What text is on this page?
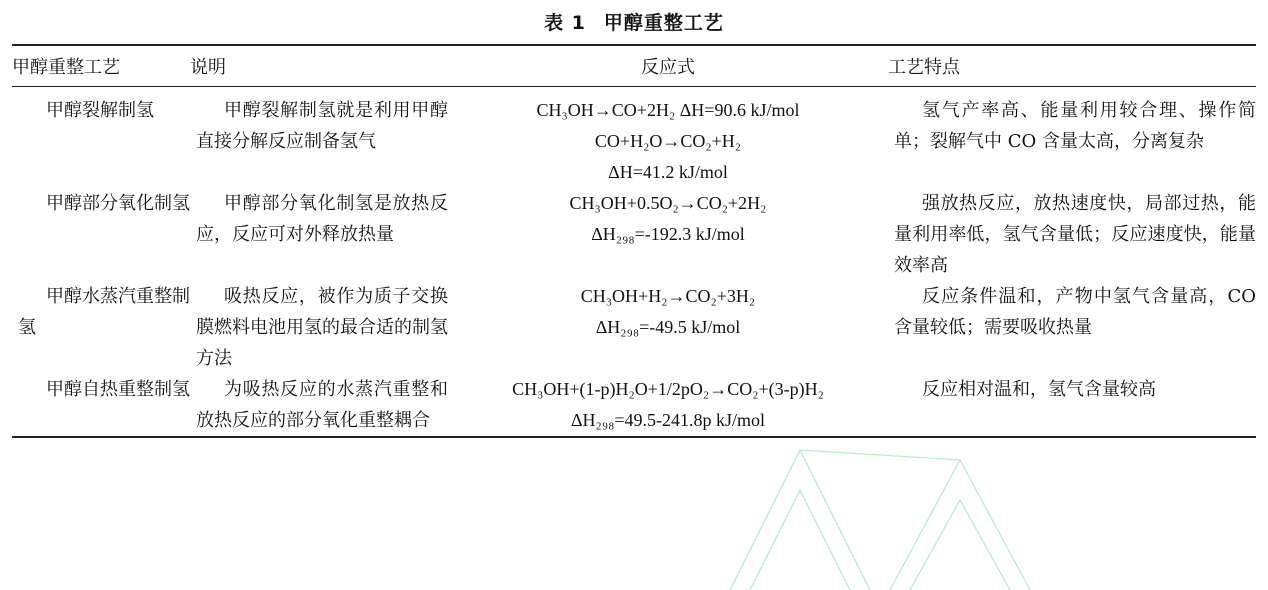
表 1 甲醇重整工艺
甲醇重整工艺	说明	反应式	工艺特点

甲醇裂解制氢	甲醇裂解制氢就是利用甲醇直接分解反应制备氢气	CH₃OH→CO+2H₂ ΔH=90.6 kJ/mol
CO+H₂O→CO₂+H₂
ΔH=41.2 kJ/mol	氢气产率高、能量利用较合理、操作简单；裂解气中 CO 含量太高，分离复杂

甲醇部分氧化制氢	甲醇部分氧化制氢是放热反应，反应可对外释放热量	CH₃OH+0.5O₂→CO₂+2H₂
ΔH₂₉₈=-192.3 kJ/mol	强放热反应，放热速度快，局部过热，能量利用率低，氢气含量低；反应速度快，能量效率高

甲醇水蒸汽重整制氢	吸热反应，被作为质子交换膜燃料电池用氢的最合适的制氢方法	CH₃OH+H₂→CO₂+3H₂
ΔH₂₉₈=-49.5 kJ/mol	反应条件温和，产物中氢气含量高，CO 含量较低；需要吸收热量

甲醇自热重整制氢	为吸热反应的水蒸汽重整和放热反应的部分氧化重整耦合	CH₃OH+(1-p)H₂O+1/2pO₂→CO₂+(3-p)H₂
ΔH₂₉₈=49.5-241.8p kJ/mol	反应相对温和，氢气含量较高
